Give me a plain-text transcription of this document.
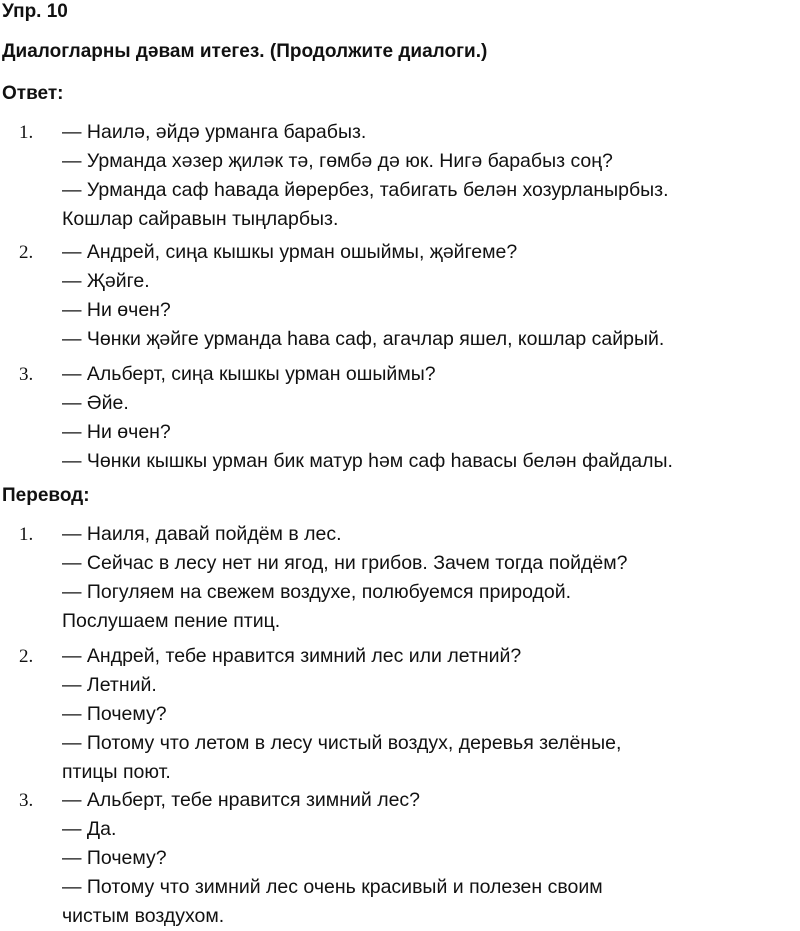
Упр. 10
Диалогларны дәвам итегез. (Продолжите диалоги.)
Ответ:
1. — Наилә, әйдә урманга барабыз.
— Урманда хәзер җиләк тә, гөмбә дә юк. Нигә барабыз соң?
— Урманда саф һавада йөрербез, табигать белән хозурланырбыз.
Кошлар сайравын тыңларбыз.
2. — Андрей, сиңа кышкы урман ошыймы, җәйгеме?
— Җәйге.
— Ни өчен?
— Чөнки җәйге урманда һава саф, агачлар яшел, кошлар сайрый.
3. — Альберт, сиңа кышкы урман ошыймы?
— Әйе.
— Ни өчен?
— Чөнки кышкы урман бик матур һәм саф һавасы белән файдалы.
Перевод:
1. — Наиля, давай пойдём в лес.
— Сейчас в лесу нет ни ягод, ни грибов. Зачем тогда пойдём?
— Погуляем на свежем воздухе, полюбуемся природой.
Послушаем пение птиц.
2. — Андрей, тебе нравится зимний лес или летний?
— Летний.
— Почему?
— Потому что летом в лесу чистый воздух, деревья зелёные,
птицы поют.
3. — Альберт, тебе нравится зимний лес?
— Да.
— Почему?
— Потому что зимний лес очень красивый и полезен своим
чистым воздухом.
